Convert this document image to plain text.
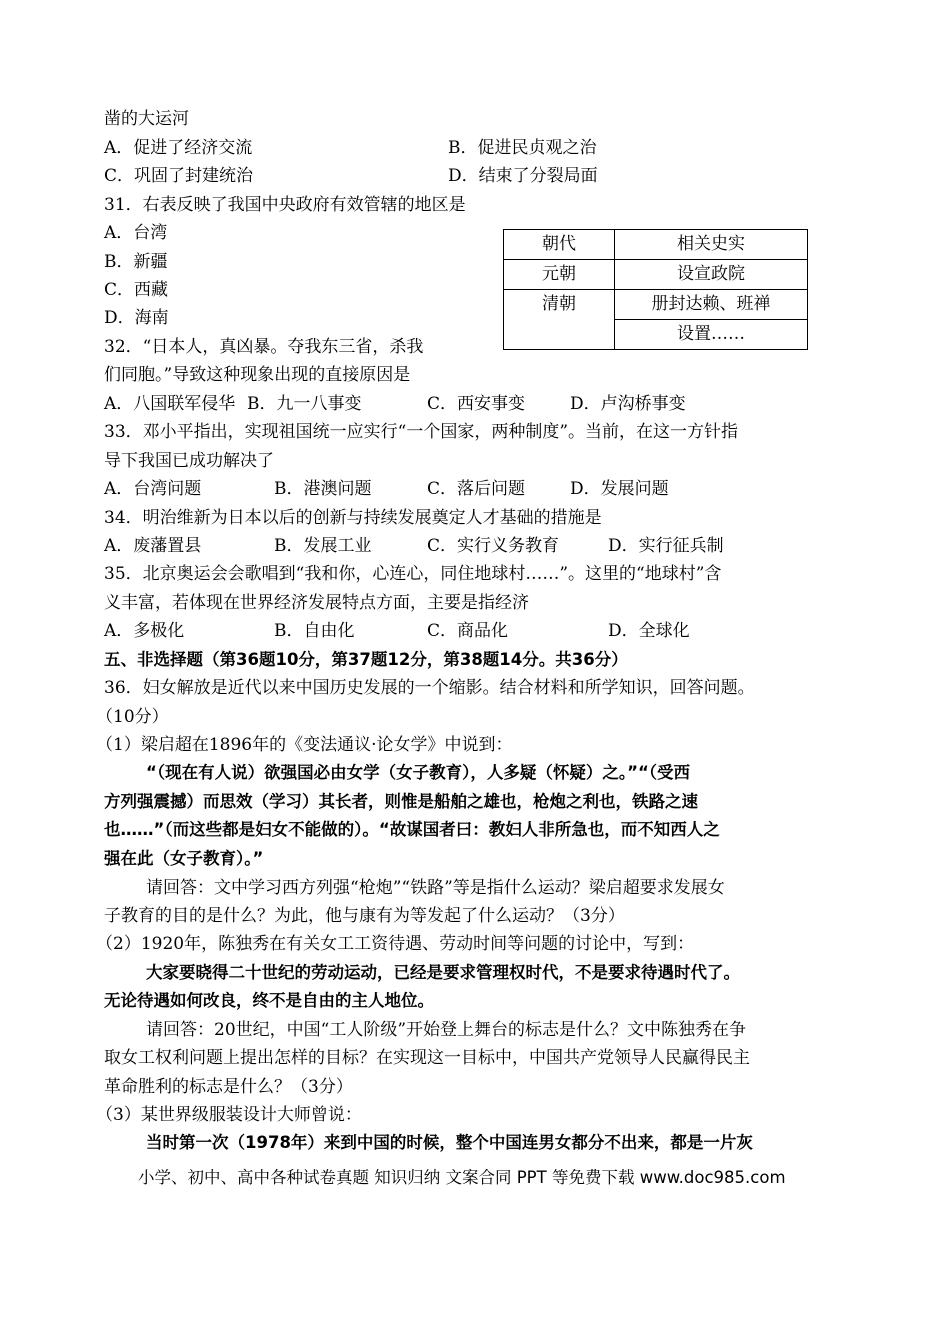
凿的大运河
A．促进了经济交流	B．促进民贞观之治
C．巩固了封建统治	D．结束了分裂局面
31．右表反映了我国中央政府有效管辖的地区是
A．台湾
B．新疆
C．西藏
D．海南
朝代	相关史实
元朝	设宣政院
清朝	册封达赖、班禅
	设置……
32．“日本人，真凶暴。夺我东三省，杀我
们同胞。”导致这种现象出现的直接原因是
A．八国联军侵华 B．九一八事变	C．西安事变	D．卢沟桥事变
33．邓小平指出，实现祖国统一应实行“一个国家，两种制度”。当前，在这一方针指
导下我国已成功解决了
A．台湾问题	B．港澳问题	C．落后问题	D．发展问题
34．明治维新为日本以后的创新与持续发展奠定人才基础的措施是
A．废藩置县	B．发展工业	C．实行义务教育	D．实行征兵制
35．北京奥运会会歌唱到“我和你，心连心，同住地球村……”。这里的“地球村”含
义丰富，若体现在世界经济发展特点方面，主要是指经济
A．多极化	B．自由化	C．商品化	D．全球化
五、非选择题（第36题10分，第37题12分，第38题14分。共36分）
36．妇女解放是近代以来中国历史发展的一个缩影。结合材料和所学知识，回答问题。
（10分）
（1）梁启超在1896年的《变法通议·论女学》中说到：
“（现在有人说）欲强国必由女学（女子教育），人多疑（怀疑）之。”“（受西
方列强震撼）而思效（学习）其长者，则惟是船舶之雄也，枪炮之利也，铁路之速
也……”（而这些都是妇女不能做的）。“故谋国者曰：教妇人非所急也，而不知西人之
强在此（女子教育）。”
请回答：文中学习西方列强“枪炮”“铁路”等是指什么运动？梁启超要求发展女
子教育的目的是什么？为此，他与康有为等发起了什么运动？（3分）
（2）1920年，陈独秀在有关女工工资待遇、劳动时间等问题的讨论中，写到：
大家要晓得二十世纪的劳动运动，已经是要求管理权时代，不是要求待遇时代了。
无论待遇如何改良，终不是自由的主人地位。
请回答：20世纪，中国“工人阶级”开始登上舞台的标志是什么？文中陈独秀在争
取女工权利问题上提出怎样的目标？在实现这一目标中，中国共产党领导人民赢得民主
革命胜利的标志是什么？（3分）
（3）某世界级服装设计大师曾说：
当时第一次（1978年）来到中国的时候，整个中国连男女都分不出来，都是一片灰
小学、初中、高中各种试卷真题 知识归纳 文案合同 PPT 等免费下载 www.doc985.com
